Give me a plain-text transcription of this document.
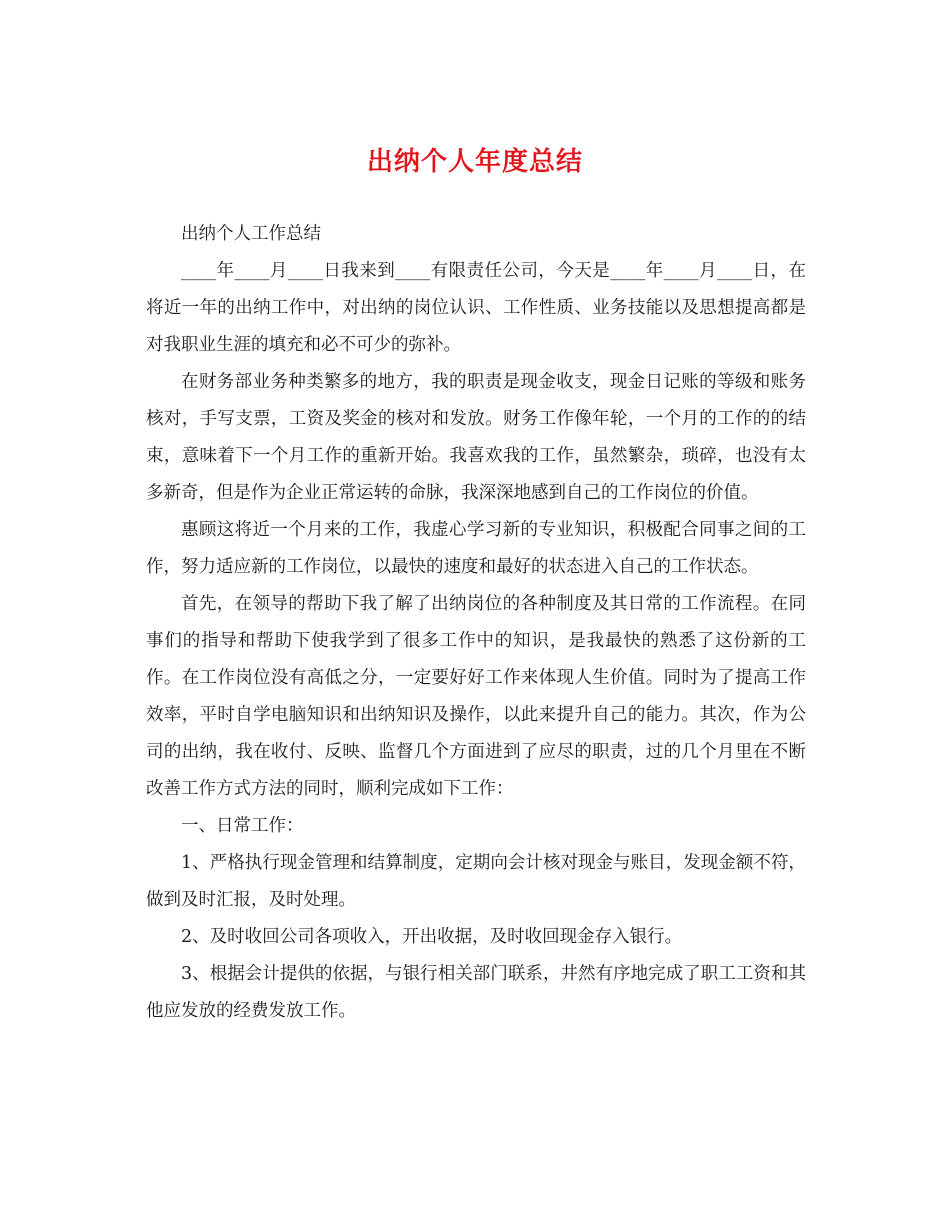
出纳个人年度总结

出纳个人工作总结

____年____月____日我来到____有限责任公司，今天是____年____月____日，在将近一年的出纳工作中，对出纳的岗位认识、工作性质、业务技能以及思想提高都是对我职业生涯的填充和必不可少的弥补。

在财务部业务种类繁多的地方，我的职责是现金收支，现金日记账的等级和账务核对，手写支票，工资及奖金的核对和发放。财务工作像年轮，一个月的工作的的结束，意味着下一个月工作的重新开始。我喜欢我的工作，虽然繁杂，琐碎，也没有太多新奇，但是作为企业正常运转的命脉，我深深地感到自己的工作岗位的价值。

惠顾这将近一个月来的工作，我虚心学习新的专业知识，积极配合同事之间的工作，努力适应新的工作岗位，以最快的速度和最好的状态进入自己的工作状态。

首先，在领导的帮助下我了解了出纳岗位的各种制度及其日常的工作流程。在同事们的指导和帮助下使我学到了很多工作中的知识，是我最快的熟悉了这份新的工作。在工作岗位没有高低之分，一定要好好工作来体现人生价值。同时为了提高工作效率，平时自学电脑知识和出纳知识及操作，以此来提升自己的能力。其次，作为公司的出纳，我在收付、反映、监督几个方面进到了应尽的职责，过的几个月里在不断改善工作方式方法的同时，顺利完成如下工作：

一、日常工作：

1、严格执行现金管理和结算制度，定期向会计核对现金与账目，发现金额不符，做到及时汇报，及时处理。

2、及时收回公司各项收入，开出收据，及时收回现金存入银行。

3、根据会计提供的依据，与银行相关部门联系，井然有序地完成了职工工资和其他应发放的经费发放工作。
